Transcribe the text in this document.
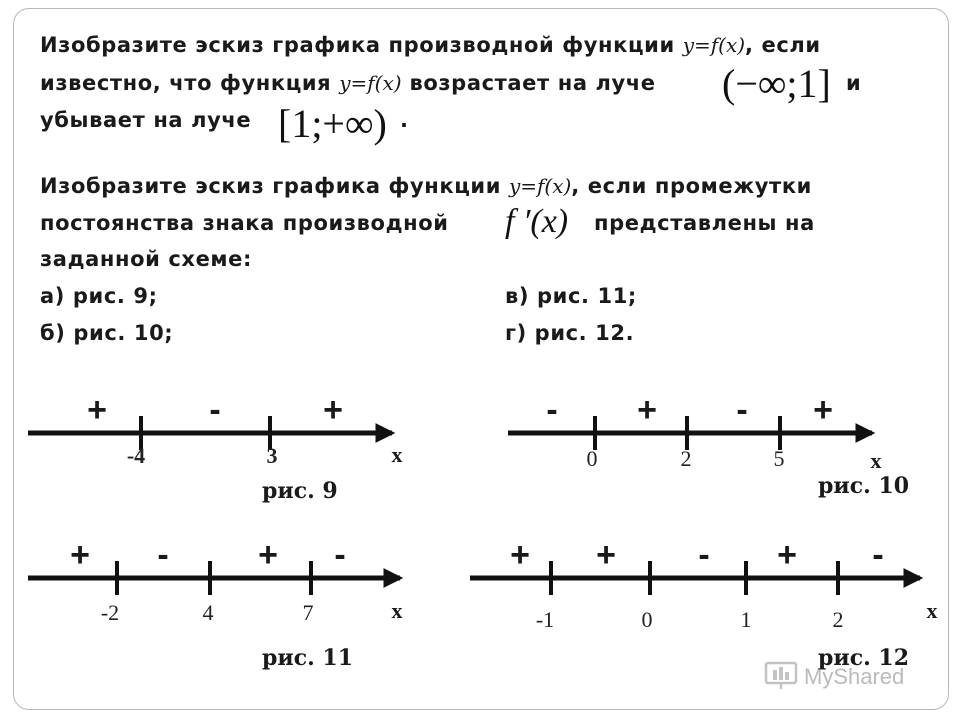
Изобразите эскиз графика производной функции y=f(x), если
известно, что функция y=f(x) возрастает на луче (−∞;1] и
убывает на луче [1;+∞) .
Изобразите эскиз графика функции y=f(x), если промежутки
постоянства знака производной f ′(x) представлены на
заданной схеме:
а) рис. 9;
б) рис. 10;
в) рис. 11;
г) рис. 12.
-4	3
+	-	+
x
рис. 9
0	2	5
- + - +
x
рис. 10
-2	4	7
+ -	+ -
x
рис. 11
-1	0	1	2
+ + - + -
x
рис. 12
MyShared
